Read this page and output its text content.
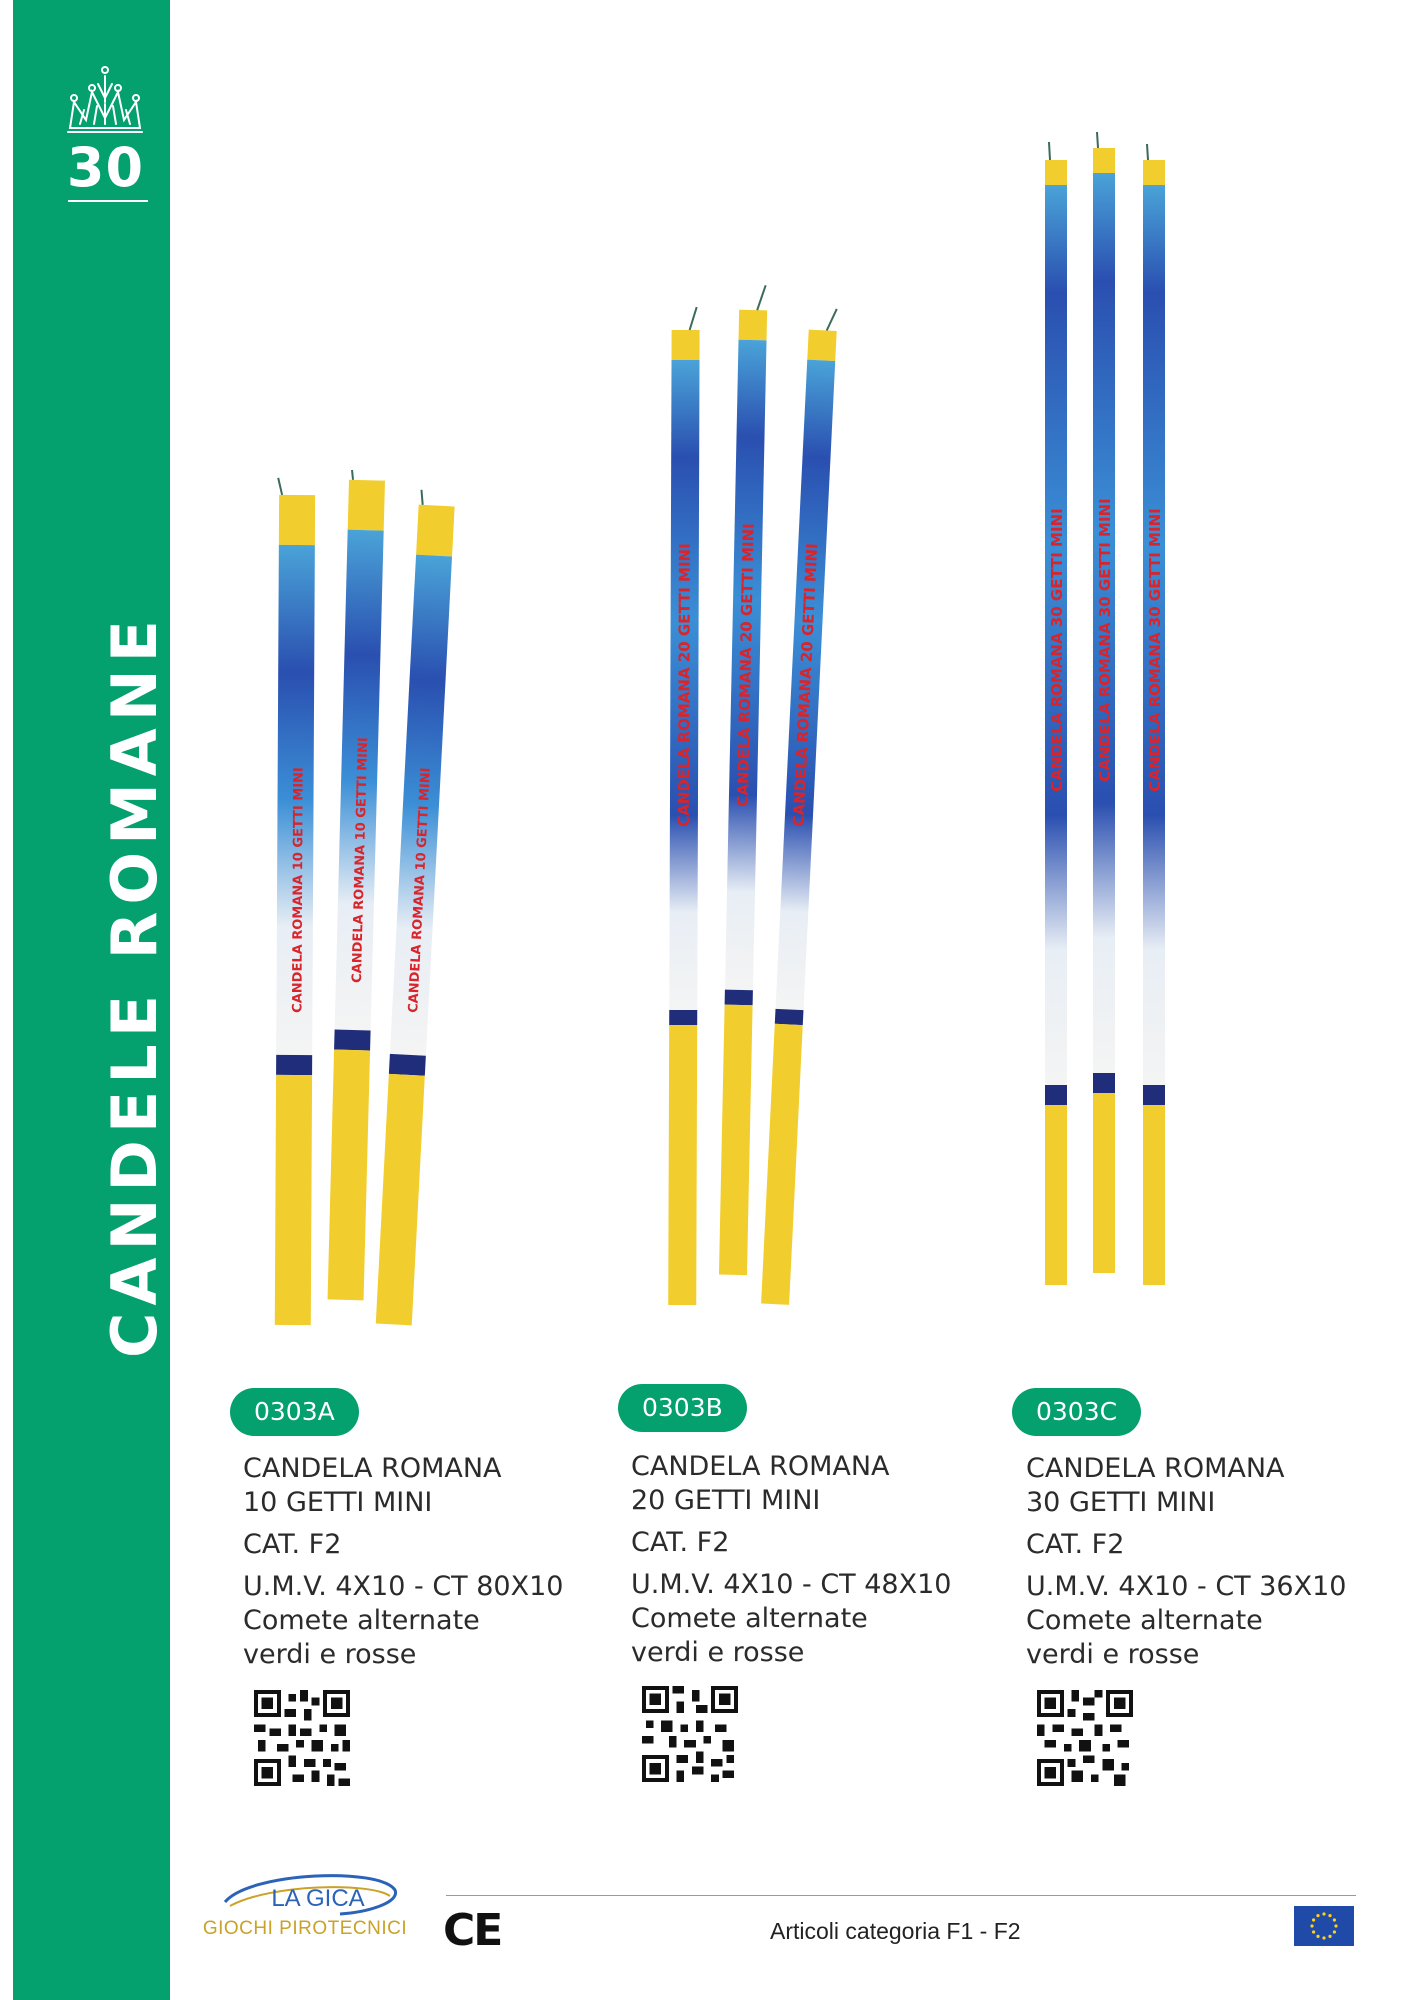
30
CANDELE ROMANE	CANDELA ROMANA 10 GETTI MINI	CANDELA ROMANA 10 GETTI MINI	CANDELA ROMANA 10 GETTI MINI
CANDELA ROMANA 20 GETTI MINI	CANDELA ROMANA 20 GETTI MINI CANDELA ROMANA 20 GETTI MINI	CANDELA ROMANA 30 GETTI MINI CANDELA ROMANA 30 GETTI MINI CANDELA ROMANA 30 GETTI MINI
0303A
CANDELA ROMANA
10 GETTI MINI
CAT. F2
U.M.V. 4X10 - CT 80X10
Comete alternate
verdi e rosse
0303B
CANDELA ROMANA
20 GETTI MINI
CAT. F2
U.M.V. 4X10 - CT 48X10
Comete alternate
verdi e rosse
0303C
CANDELA ROMANA
30 GETTI MINI
CAT. F2
U.M.V. 4X10 - CT 36X10
Comete alternate
verdi e rosse
LA GICA
GIOCHI PIROTECNICI CE	Articoli categoria F1 - F2
